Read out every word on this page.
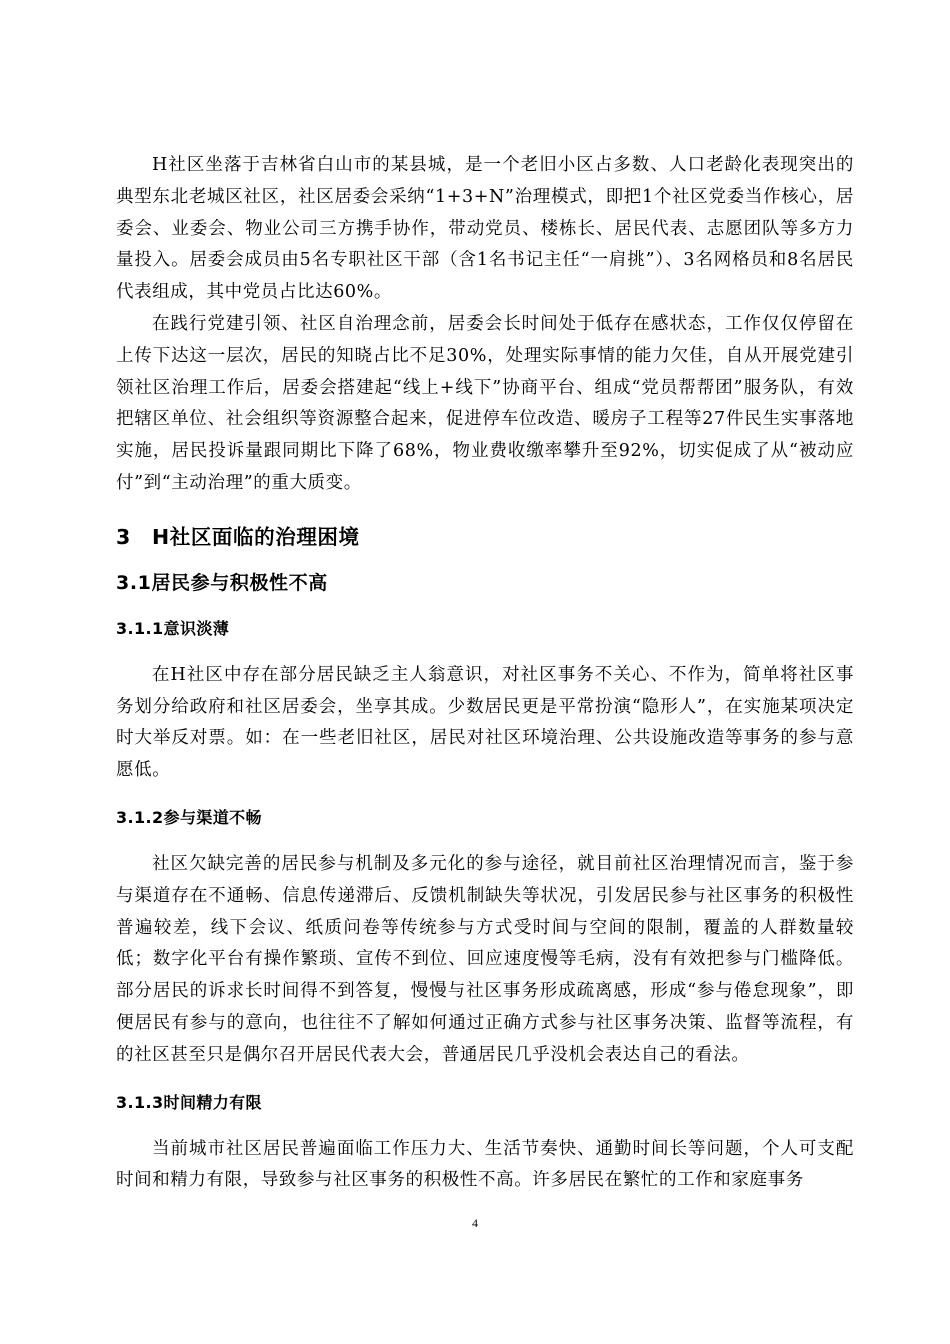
H社区坐落于吉林省白山市的某县城，是一个老旧小区占多数、人口老龄化表现突出的典型东北老城区社区，社区居委会采纳“1+3+N”治理模式，即把1个社区党委当作核心，居委会、业委会、物业公司三方携手协作，带动党员、楼栋长、居民代表、志愿团队等多方力量投入。居委会成员由5名专职社区干部（含1名书记主任“一肩挑”）、3名网格员和8名居民代表组成，其中党员占比达60%。

在践行党建引领、社区自治理念前，居委会长时间处于低存在感状态，工作仅仅停留在上传下达这一层次，居民的知晓占比不足30%，处理实际事情的能力欠佳，自从开展党建引领社区治理工作后，居委会搭建起“线上+线下”协商平台、组成“党员帮帮团”服务队，有效把辖区单位、社会组织等资源整合起来，促进停车位改造、暖房子工程等27件民生实事落地实施，居民投诉量跟同期比下降了68%，物业费收缴率攀升至92%，切实促成了从“被动应付”到“主动治理”的重大质变。

3　H社区面临的治理困境
3.1居民参与积极性不高
3.1.1意识淡薄

在H社区中存在部分居民缺乏主人翁意识，对社区事务不关心、不作为，简单将社区事务划分给政府和社区居委会，坐享其成。少数居民更是平常扮演“隐形人”，在实施某项决定时大举反对票。如：在一些老旧社区，居民对社区环境治理、公共设施改造等事务的参与意愿低。

3.1.2参与渠道不畅

社区欠缺完善的居民参与机制及多元化的参与途径，就目前社区治理情况而言，鉴于参与渠道存在不通畅、信息传递滞后、反馈机制缺失等状况，引发居民参与社区事务的积极性普遍较差，线下会议、纸质问卷等传统参与方式受时间与空间的限制，覆盖的人群数量较低；数字化平台有操作繁琐、宣传不到位、回应速度慢等毛病，没有有效把参与门槛降低。部分居民的诉求长时间得不到答复，慢慢与社区事务形成疏离感，形成“参与倦怠现象”，即便居民有参与的意向，也往往不了解如何通过正确方式参与社区事务决策、监督等流程，有的社区甚至只是偶尔召开居民代表大会，普通居民几乎没机会表达自己的看法。

3.1.3时间精力有限

当前城市社区居民普遍面临工作压力大、生活节奏快、通勤时间长等问题，个人可支配时间和精力有限，导致参与社区事务的积极性不高。许多居民在繁忙的工作和家庭事务

4
